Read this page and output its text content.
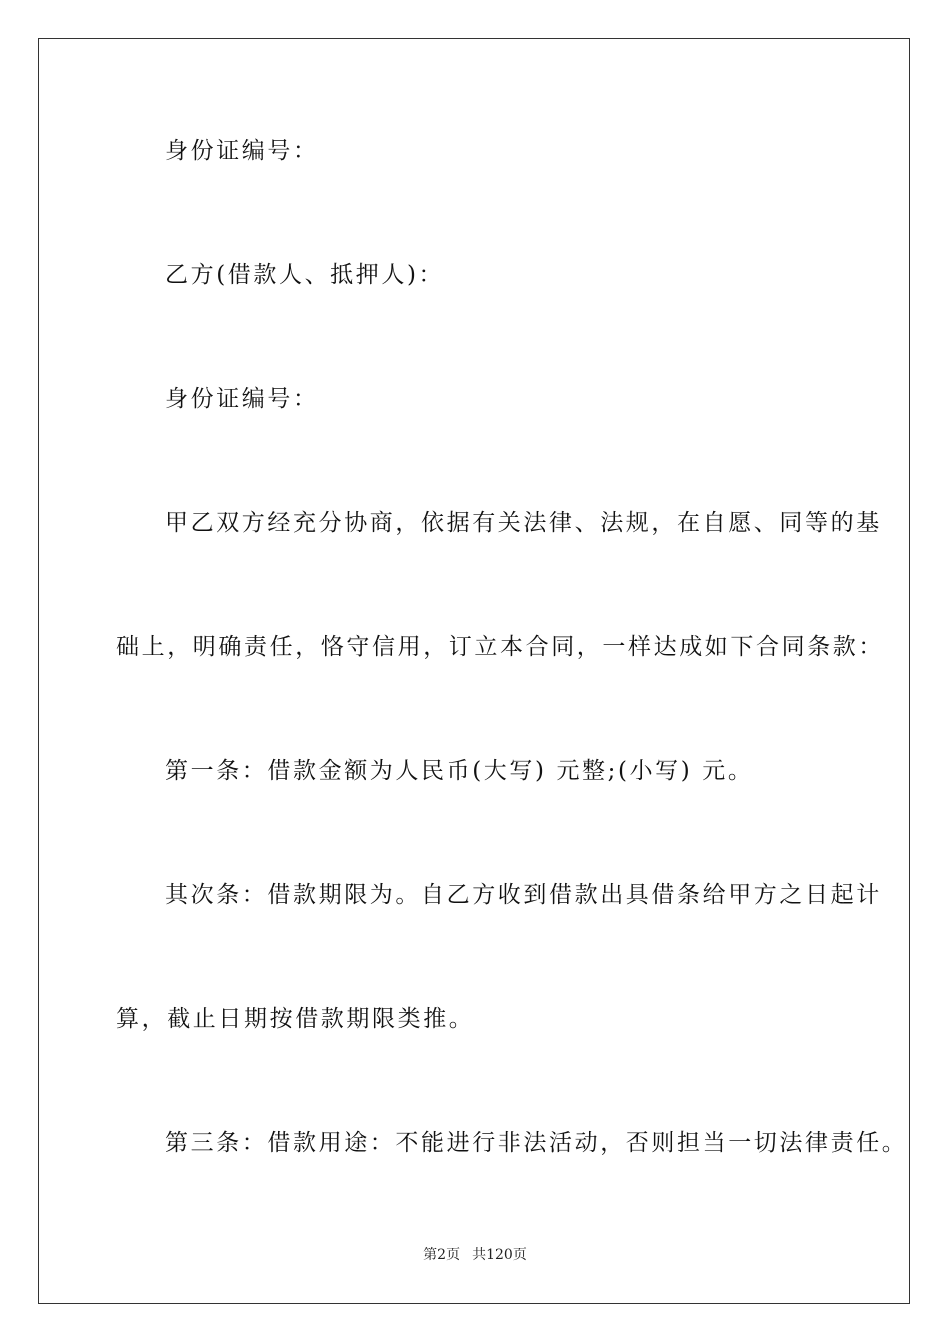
身份证编号：
乙方(借款人、抵押人)：
身份证编号：
甲乙双方经充分协商，依据有关法律、法规，在自愿、同等的基
础上，明确责任，恪守信用，订立本合同，一样达成如下合同条款：
第一条：借款金额为人民币(大写) 元整;(小写) 元。
其次条：借款期限为。自乙方收到借款出具借条给甲方之日起计
算，截止日期按借款期限类推。
第三条：借款用途：不能进行非法活动，否则担当一切法律责任。
第2页 共120页
